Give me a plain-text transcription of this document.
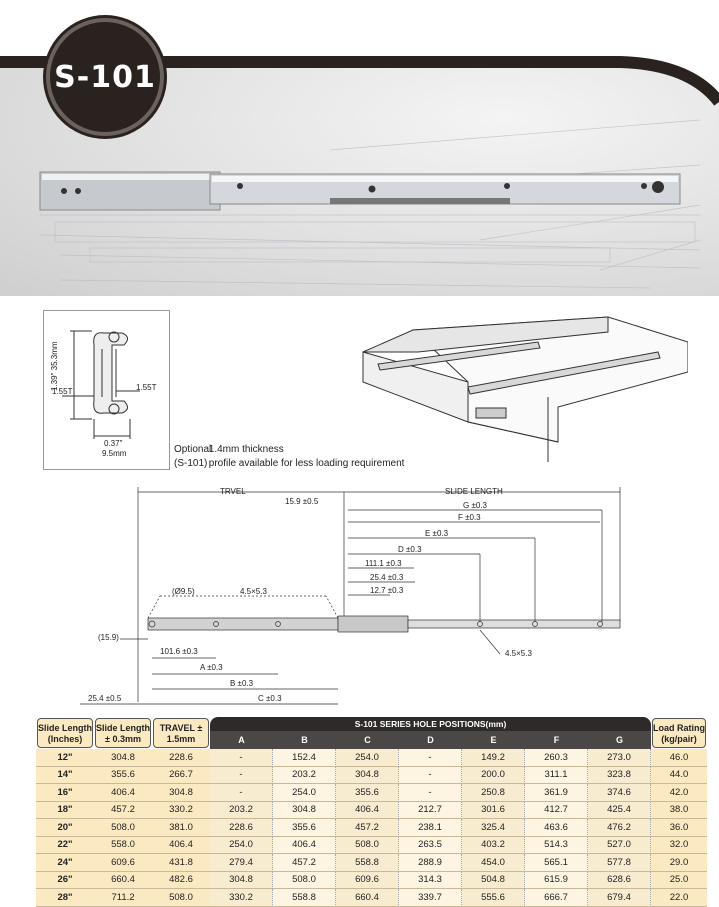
S-101
1.39" 35.3mm
1.55T	1.55T
0.37"
9.5mm	Optional 1.4mm thickness
(S-101) profile available for less loading requirement
TRVEL	SLIDE LENGTH
15.9 ±0.5	G ±0.3
F ±0.3
E ±0.3
D ±0.3
111.1 ±0.3
25.4 ±0.3
12.7 ±0.3
(Ø9.5)	4.5×5.3
(15.9)
101.6 ±0.3
A ±0.3
B ±0.3
C ±0.3
25.4 ±0.5
4.5×5.3
Slide Length (Inches)	Slide Length ± 0.3mm	TRAVEL ± 1.5mm	S-101 SERIES HOLE POSITIONS(mm)							Load Rating (kg/pair)

			A	B	C	D	E	F	G	
12"	304.8	228.6	-	152.4	254.0	-	149.2	260.3	273.0	46.0
14"	355.6	266.7	-	203.2	304.8	-	200.0	311.1	323.8	44.0
16"	406.4	304.8	-	254.0	355.6	-	250.8	361.9	374.6	42.0
18"	457.2	330.2	203.2	304.8	406.4	212.7	301.6	412.7	425.4	38.0
20"	508.0	381.0	228.6	355.6	457.2	238.1	325.4	463.6	476.2	36.0
22"	558.0	406.4	254.0	406.4	508.0	263.5	403.2	514.3	527.0	32.0
24"	609.6	431.8	279.4	457.2	558.8	288.9	454.0	565.1	577.8	29.0
26"	660.4	482.6	304.8	508.0	609.6	314.3	504.8	615.9	628.6	25.0
28"	711.2	508.0	330.2	558.8	660.4	339.7	555.6	666.7	679.4	22.0
